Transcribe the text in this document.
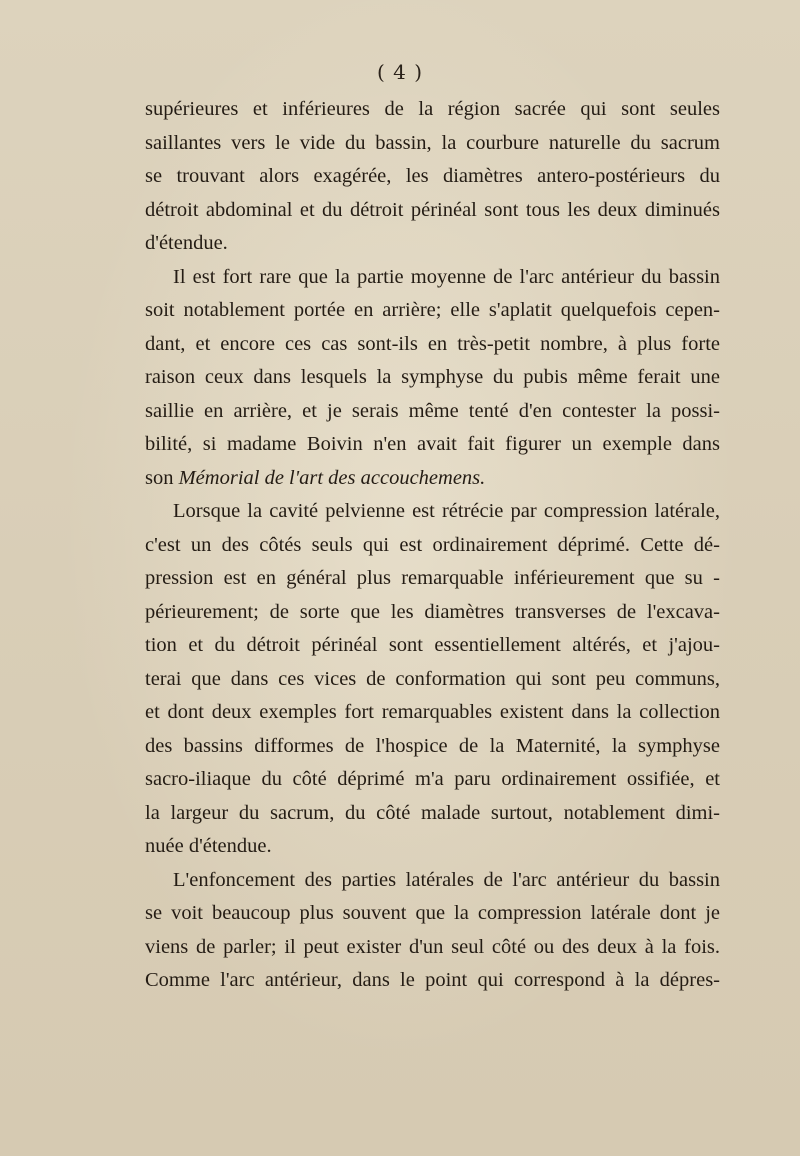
( 4 )
supérieures et inférieures de la région sacrée qui sont seules
saillantes vers le vide du bassin, la courbure naturelle du sacrum
se trouvant alors exagérée, les diamètres antero-postérieurs du
détroit abdominal et du détroit périnéal sont tous les deux diminués
d'étendue.
Il est fort rare que la partie moyenne de l'arc antérieur du bassin
soit notablement portée en arrière; elle s'aplatit quelquefois cepen-
dant, et encore ces cas sont-ils en très-petit nombre, à plus forte
raison ceux dans lesquels la symphyse du pubis même ferait une
saillie en arrière, et je serais même tenté d'en contester la possi-
bilité, si madame Boivin n'en avait fait figurer un exemple dans
son Mémorial de l'art des accouchemens.
Lorsque la cavité pelvienne est rétrécie par compression latérale,
c'est un des côtés seuls qui est ordinairement déprimé. Cette dé-
pression est en général plus remarquable inférieurement que su -
périeurement; de sorte que les diamètres transverses de l'excava-
tion et du détroit périnéal sont essentiellement altérés, et j'ajou-
terai que dans ces vices de conformation qui sont peu communs,
et dont deux exemples fort remarquables existent dans la collection
des bassins difformes de l'hospice de la Maternité, la symphyse
sacro-iliaque du côté déprimé m'a paru ordinairement ossifiée, et
la largeur du sacrum, du côté malade surtout, notablement dimi-
nuée d'étendue.
L'enfoncement des parties latérales de l'arc antérieur du bassin
se voit beaucoup plus souvent que la compression latérale dont je
viens de parler; il peut exister d'un seul côté ou des deux à la fois.
Comme l'arc antérieur, dans le point qui correspond à la dépres-
